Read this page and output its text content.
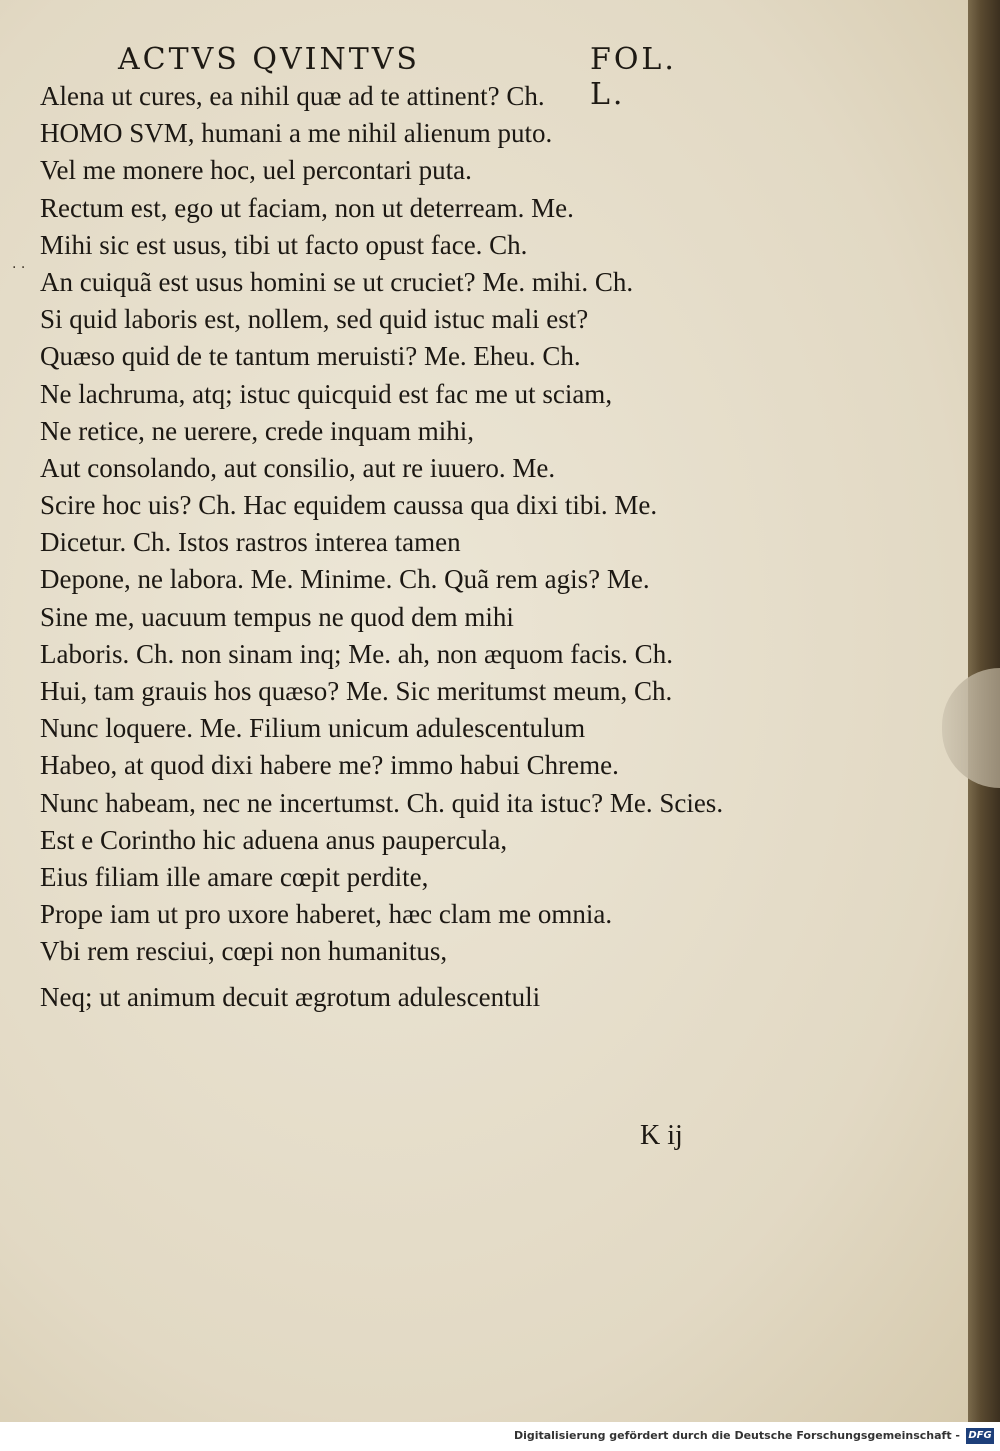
ACTVS QVINTVS	FOL. L.
· ·
Alena ut cures, ea nihil quæ ad te attinent? Ch.
HOMO SVM, humani a me nihil alienum puto.
Vel me monere hoc, uel percontari puta.
Rectum est, ego ut faciam, non ut deterream. Me.
Mihi sic est usus, tibi ut facto opust face. Ch.
An cuiquã est usus homini se ut cruciet? Me. mihi. Ch.
Si quid laboris est, nollem, sed quid istuc mali est?
Quæso quid de te tantum meruisti? Me. Eheu. Ch.
Ne lachruma, atq; istuc quicquid est fac me ut sciam,
Ne retice, ne uerere, crede inquam mihi,
Aut consolando, aut consilio, aut re iuuero. Me.
Scire hoc uis? Ch. Hac equidem caussa qua dixi tibi. Me.
Dicetur. Ch. Istos rastros interea tamen
Depone, ne labora. Me. Minime. Ch. Quã rem agis? Me.
Sine me, uacuum tempus ne quod dem mihi
Laboris. Ch. non sinam inq; Me. ah, non æquom facis. Ch.
Hui, tam grauis hos quæso? Me. Sic meritumst meum, Ch.
Nunc loquere. Me. Filium unicum adulescentulum
Habeo, at quod dixi habere me? immo habui Chreme.
Nunc habeam, nec ne incertumst. Ch. quid ita istuc? Me. Scies.
Est e Corintho hic aduena anus paupercula,
Eius filiam ille amare cœpit perdite,
Prope iam ut pro uxore haberet, hæc clam me omnia.
Vbi rem resciui, cœpi non humanitus,
Neq; ut animum decuit ægrotum adulescentuli
K ij
Digitalisierung gefördert durch die Deutsche Forschungsgemeinschaft - DFG
